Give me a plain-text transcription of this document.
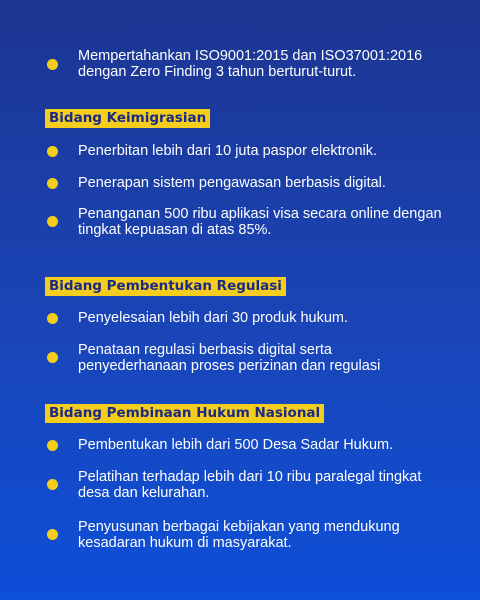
Mempertahankan ISO9001:2015 dan ISO37001:2016 dengan Zero Finding 3 tahun berturut-turut.
Bidang Keimigrasian
Penerbitan lebih dari 10 juta paspor elektronik.
Penerapan sistem pengawasan berbasis digital.
Penanganan 500 ribu aplikasi visa secara online dengan tingkat kepuasan di atas 85%.
Bidang Pembentukan Regulasi
Penyelesaian lebih dari 30 produk hukum.
Penataan regulasi berbasis digital serta penyederhanaan proses perizinan dan regulasi
Bidang Pembinaan Hukum Nasional
Pembentukan lebih dari 500 Desa Sadar Hukum.
Pelatihan terhadap lebih dari 10 ribu paralegal tingkat desa dan kelurahan.
Penyusunan berbagai kebijakan yang mendukung kesadaran hukum di masyarakat.
